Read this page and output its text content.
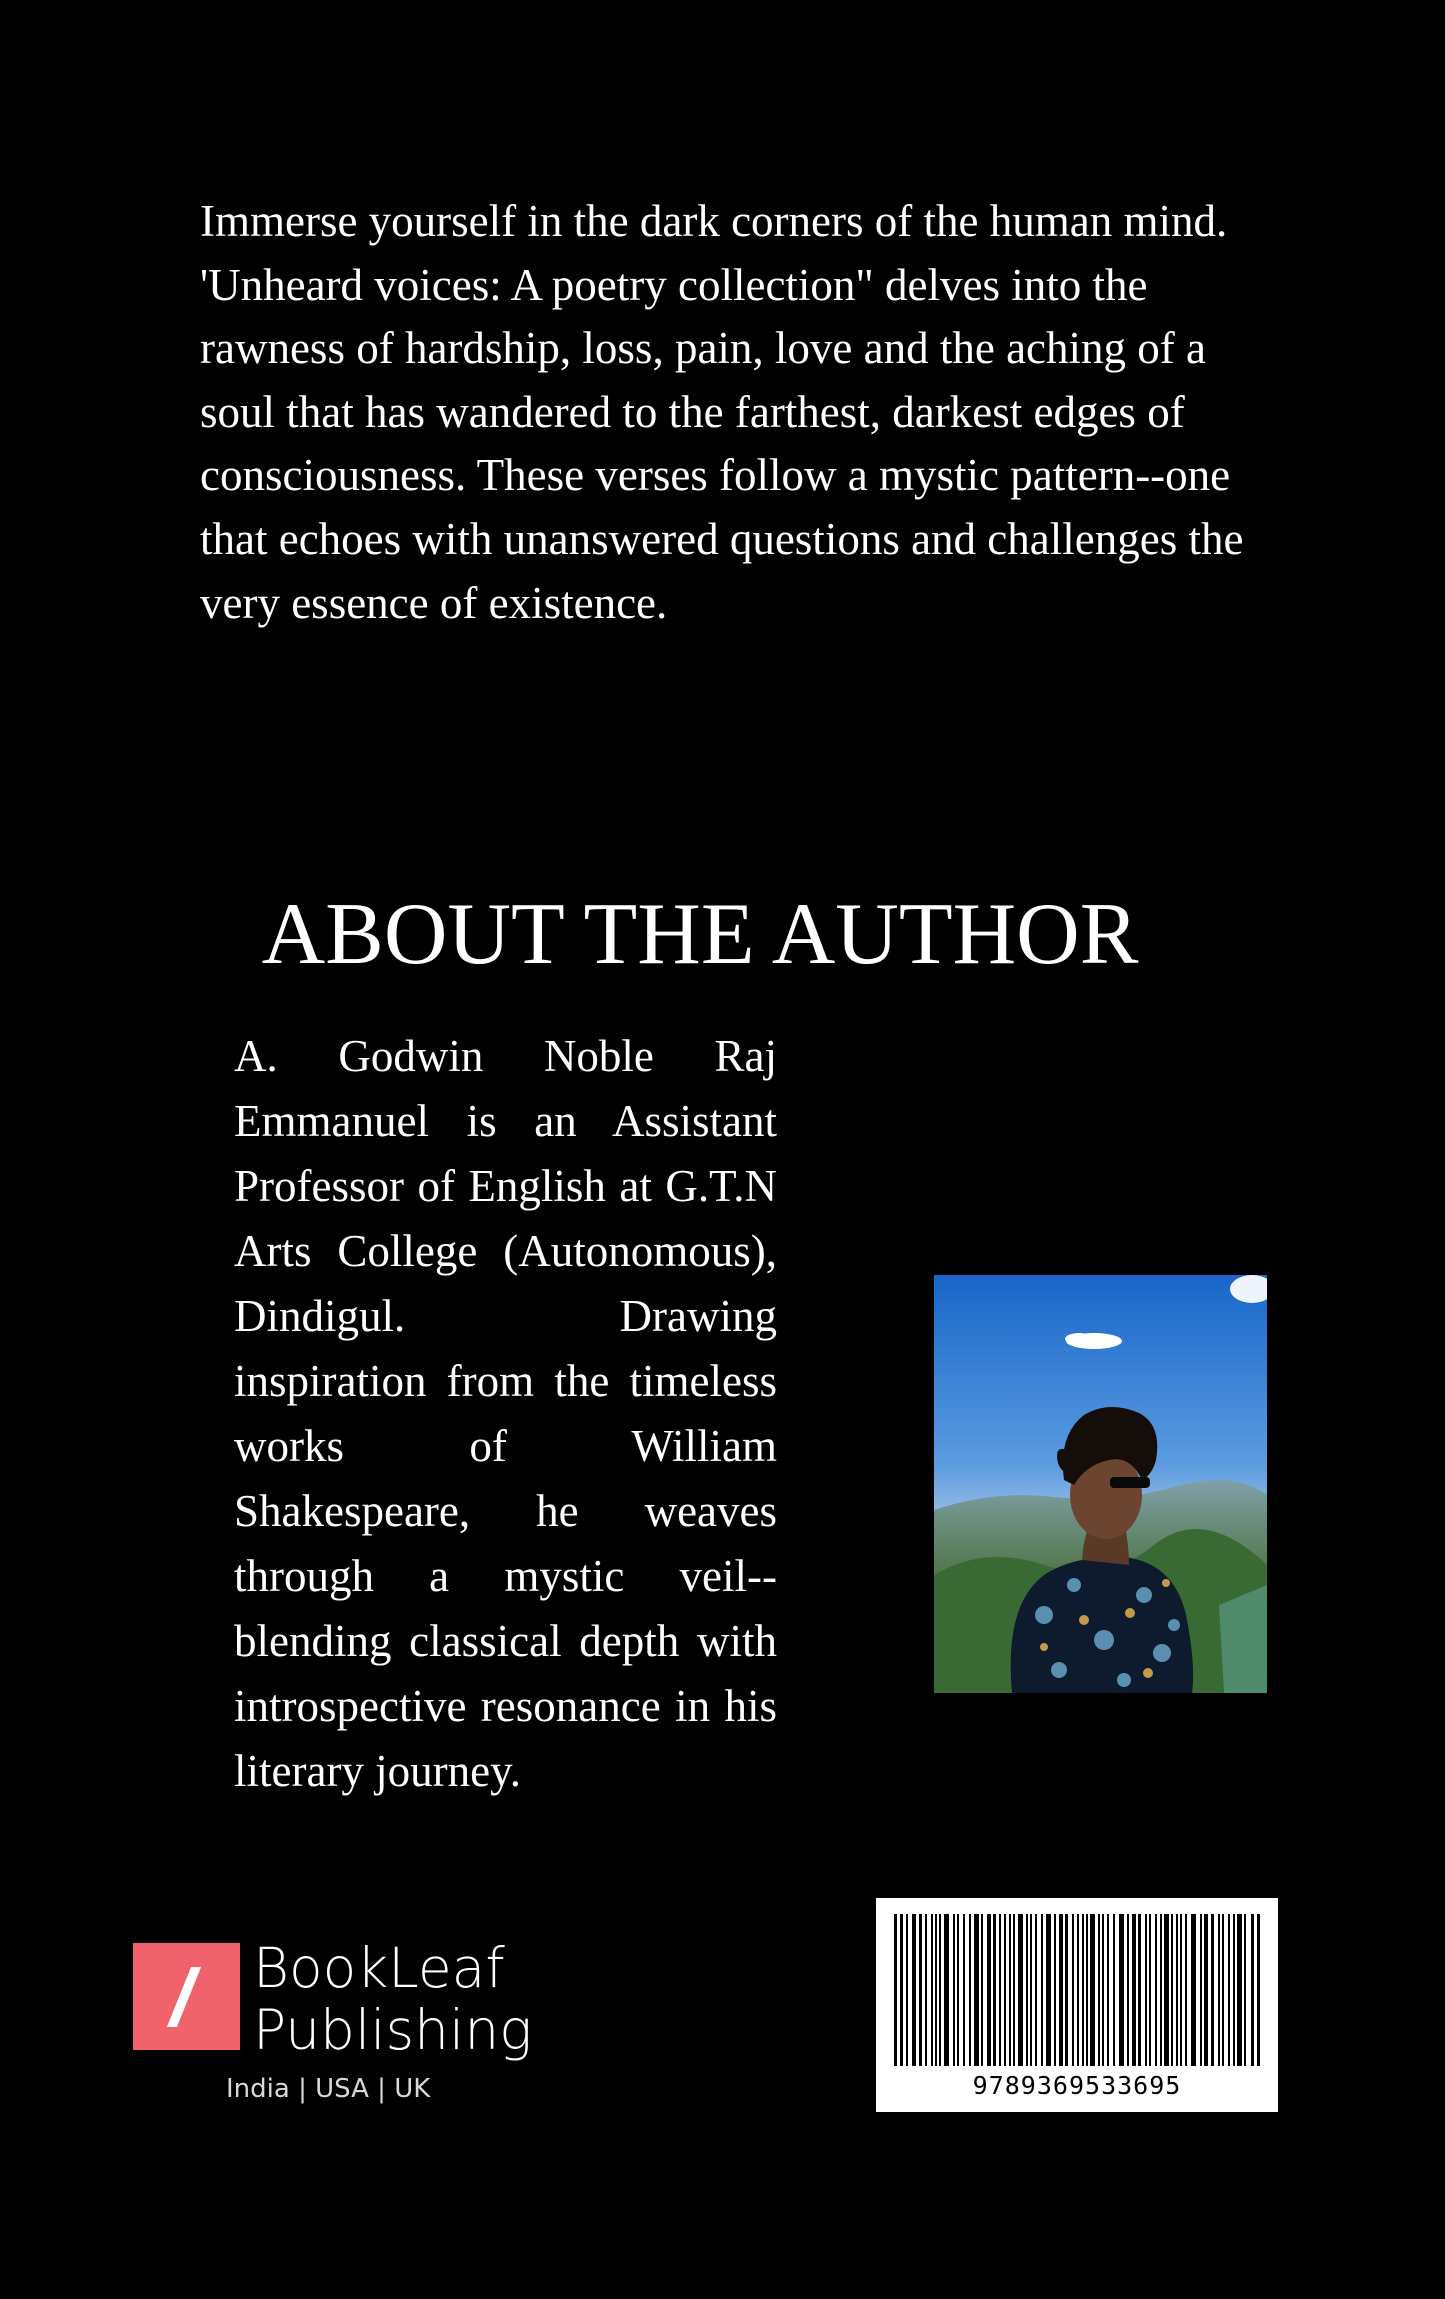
Immerse yourself in the dark corners of the human mind.

'Unheard voices: A poetry collection" delves into the rawness of hardship, loss, pain, love and the aching of a soul that has wandered to the farthest, darkest edges of consciousness. These verses follow a mystic pattern--one that echoes with unanswered questions and challenges the very essence of existence.

ABOUT THE AUTHOR

A. Godwin Noble Raj Emmanuel is an Assistant Professor of English at G.T.N Arts College (Autonomous), Dindigul. Drawing inspiration from the timeless works of William Shakespeare, he weaves through a mystic veil-- blending classical depth with introspective resonance in his literary journey.

BookLeaf
Publishing
India | USA | UK	9789369533695
